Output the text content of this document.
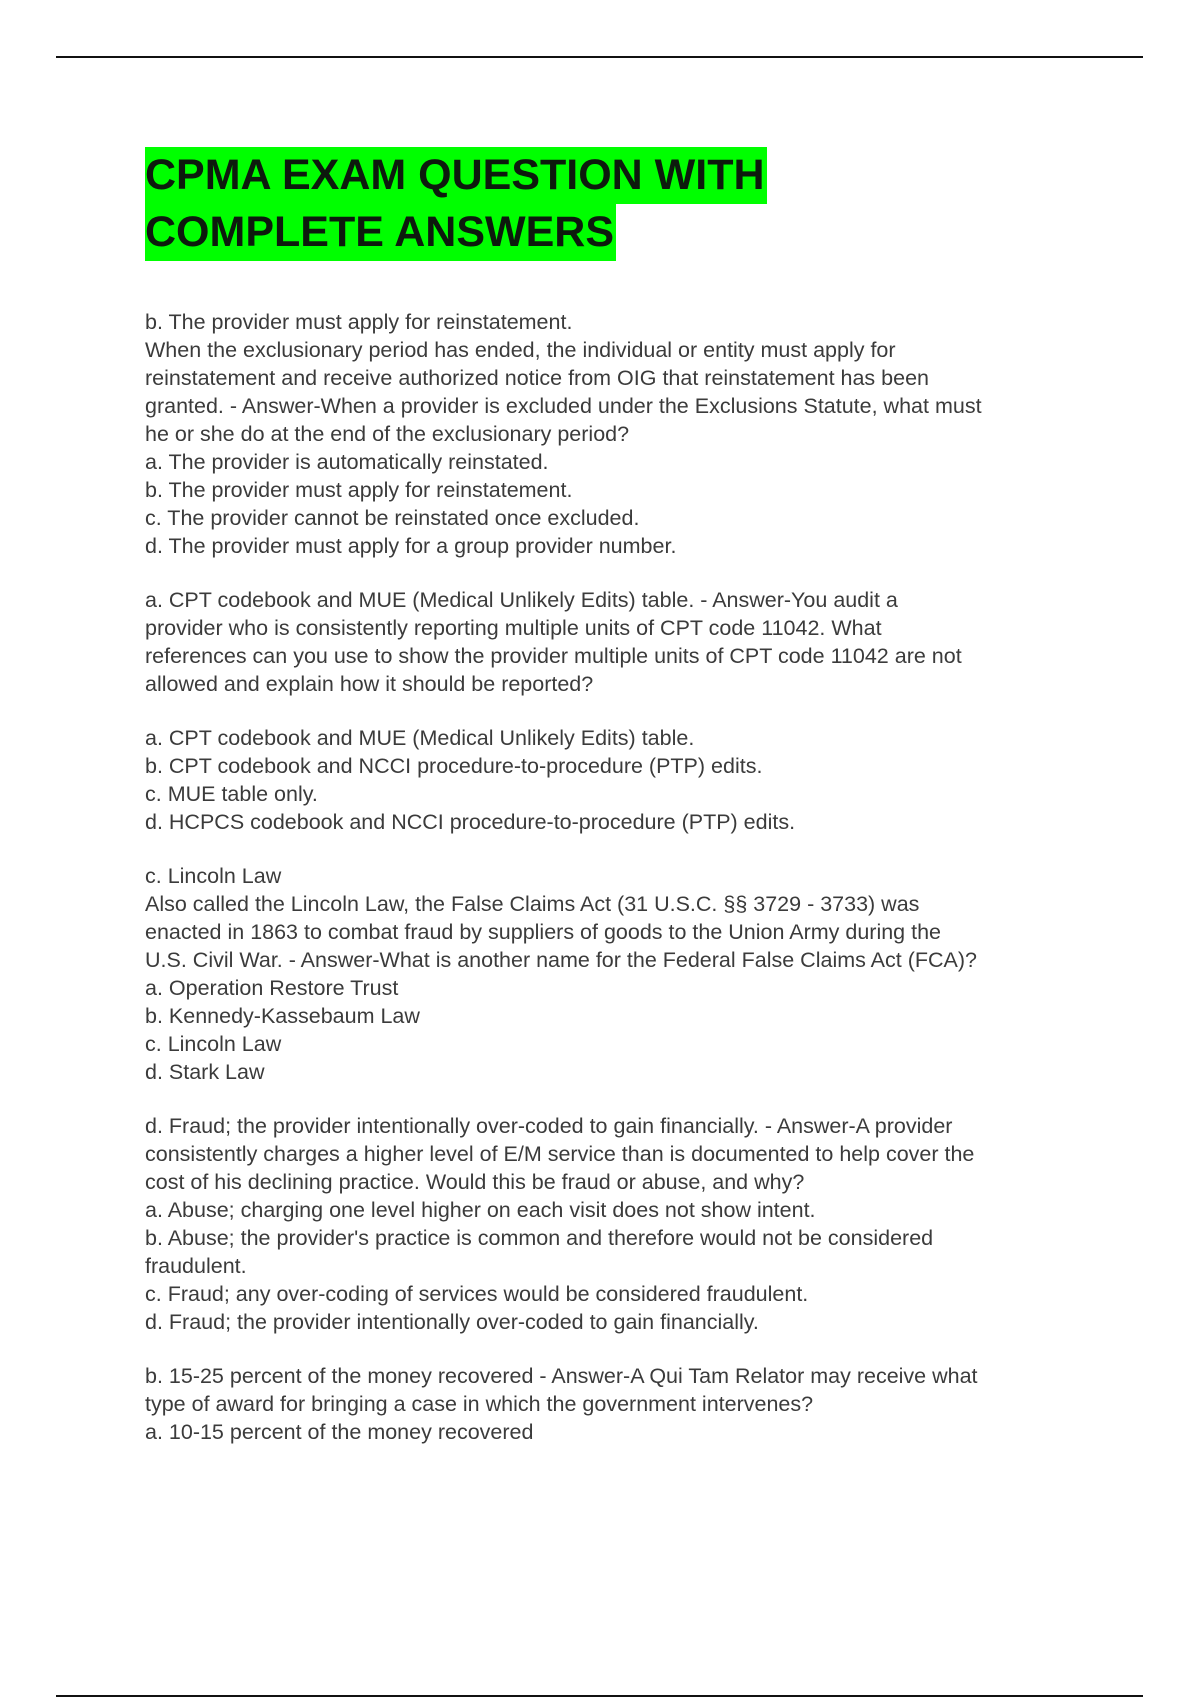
CPMA EXAM QUESTION WITH
COMPLETE ANSWERS

b. The provider must apply for reinstatement.

When the exclusionary period has ended, the individual or entity must apply for

reinstatement and receive authorized notice from OIG that reinstatement has been

granted. - Answer-When a provider is excluded under the Exclusions Statute, what must

he or she do at the end of the exclusionary period?

a. The provider is automatically reinstated.

b. The provider must apply for reinstatement.

c. The provider cannot be reinstated once excluded.

d. The provider must apply for a group provider number.

a. CPT codebook and MUE (Medical Unlikely Edits) table. - Answer-You audit a

provider who is consistently reporting multiple units of CPT code 11042. What

references can you use to show the provider multiple units of CPT code 11042 are not

allowed and explain how it should be reported?

a. CPT codebook and MUE (Medical Unlikely Edits) table.

b. CPT codebook and NCCI procedure-to-procedure (PTP) edits.

c. MUE table only.

d. HCPCS codebook and NCCI procedure-to-procedure (PTP) edits.

c. Lincoln Law

Also called the Lincoln Law, the False Claims Act (31 U.S.C. §§ 3729 - 3733) was

enacted in 1863 to combat fraud by suppliers of goods to the Union Army during the

U.S. Civil War. - Answer-What is another name for the Federal False Claims Act (FCA)?

a. Operation Restore Trust

b. Kennedy-Kassebaum Law

c. Lincoln Law

d. Stark Law

d. Fraud; the provider intentionally over-coded to gain financially. - Answer-A provider

consistently charges a higher level of E/M service than is documented to help cover the

cost of his declining practice. Would this be fraud or abuse, and why?

a. Abuse; charging one level higher on each visit does not show intent.

b. Abuse; the provider's practice is common and therefore would not be considered

fraudulent.

c. Fraud; any over-coding of services would be considered fraudulent.

d. Fraud; the provider intentionally over-coded to gain financially.

b. 15-25 percent of the money recovered - Answer-A Qui Tam Relator may receive what

type of award for bringing a case in which the government intervenes?

a. 10-15 percent of the money recovered
